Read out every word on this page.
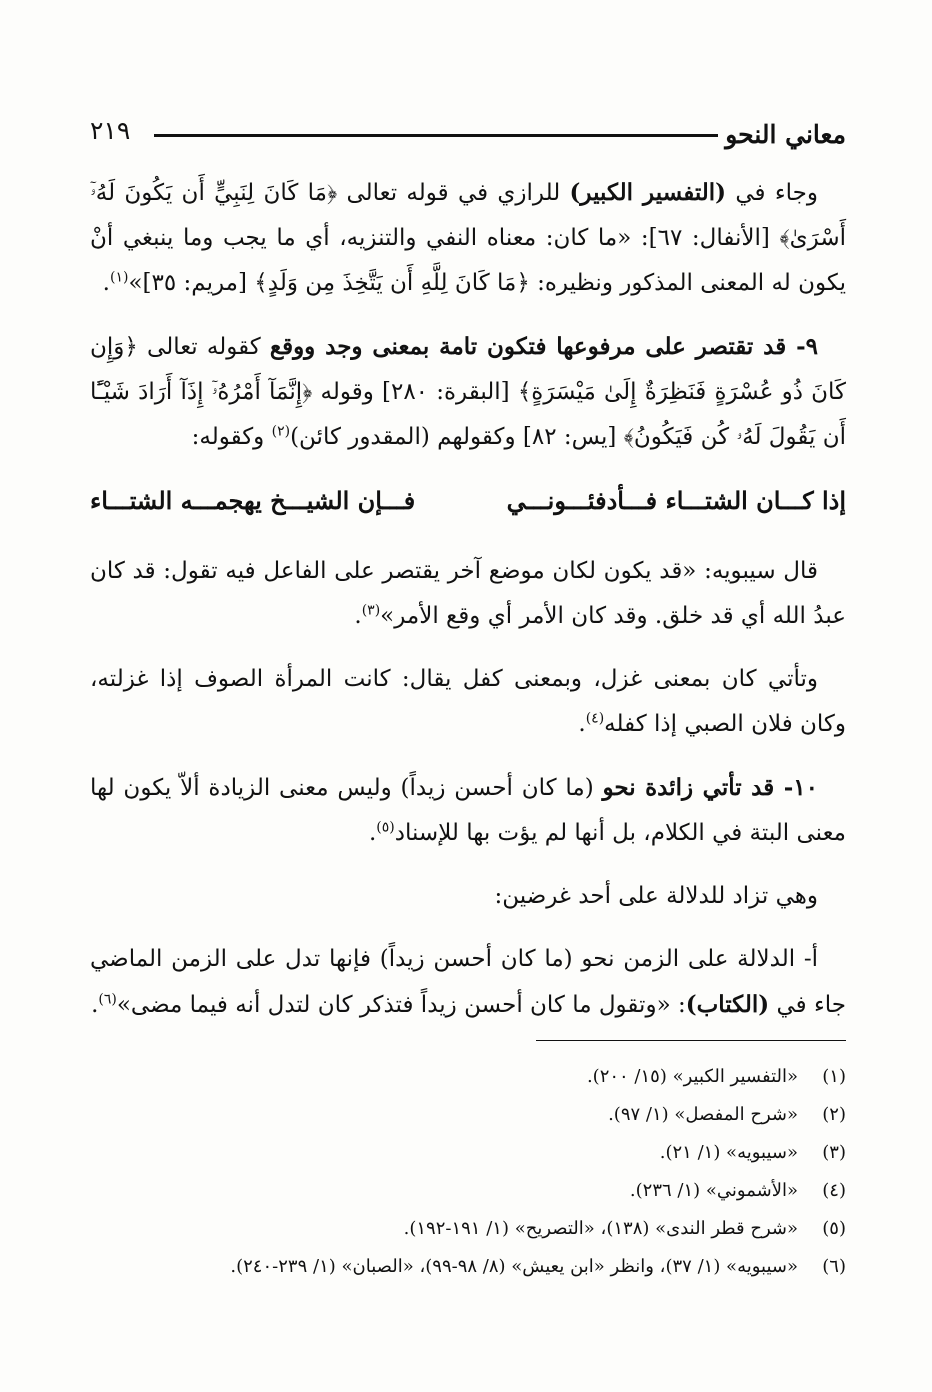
معاني النحو
٢١٩

وجاء في (التفسير الكبير) للرازي في قوله تعالى ﴿مَا كَانَ لِنَبِيٍّ أَن يَكُونَ لَهُۥٓ أَسْرَىٰ﴾ [الأنفال: ٦٧]: «ما كان: معناه النفي والتنزيه، أي ما يجب وما ينبغي أنْ يكون له المعنى المذكور ونظيره: ﴿مَا كَانَ لِلَّهِ أَن يَتَّخِذَ مِن وَلَدٍ﴾ [مريم: ٣٥]»$^{(١)}$.

٩- قد تقتصر على مرفوعها فتكون تامة بمعنى وجد ووقع كقوله تعالى ﴿وَإِن كَانَ ذُو عُسْرَةٍ فَنَظِرَةٌ إِلَىٰ مَيْسَرَةٍ﴾ [البقرة: ٢٨٠] وقوله ﴿إِنَّمَآ أَمْرُهُۥٓ إِذَآ أَرَادَ شَيْـًٔا أَن يَقُولَ لَهُۥ كُن فَيَكُونُ﴾ [يس: ٨٢] وكقولهم (المقدور كائن)$^{(٢)}$ وكقوله:

إذا كـــان الشتـــاء فـــأدفئـــونـــي
فـــإن الشيـــخ يهجمـــه الشتـــاء

قال سيبويه: «قد يكون لكان موضع آخر يقتصر على الفاعل فيه تقول: قد كان عبدُ الله أي قد خلق. وقد كان الأمر أي وقع الأمر»$^{(٣)}$.

وتأتي كان بمعنى غزل، وبمعنى كفل يقال: كانت المرأة الصوف إذا غزلته، وكان فلان الصبي إذا كفله$^{(٤)}$.

١٠- قد تأتي زائدة نحو (ما كان أحسن زيداً) وليس معنى الزيادة ألاّ يكون لها معنى البتة في الكلام، بل أنها لم يؤت بها للإسناد$^{(٥)}$.

وهي تزاد للدلالة على أحد غرضين:

أ- الدلالة على الزمن نحو (ما كان أحسن زيداً) فإنها تدل على الزمن الماضي جاء في (الكتاب): «وتقول ما كان أحسن زيداً فتذكر كان لتدل أنه فيما مضى»$^{(٦)}$.

(١)
«التفسير الكبير» (١٥/ ٢٠٠).
(٢)
«شرح المفصل» (١/ ٩٧).
(٣)
«سيبويه» (١/ ٢١).
(٤)
«الأشموني» (١/ ٢٣٦).
(٥)
«شرح قطر الندى» (١٣٨)، «التصريح» (١/ ١٩١-١٩٢).
(٦)
«سيبويه» (١/ ٣٧)، وانظر «ابن يعيش» (٨/ ٩٨-٩٩)، «الصبان» (١/ ٢٣٩-٢٤٠).
